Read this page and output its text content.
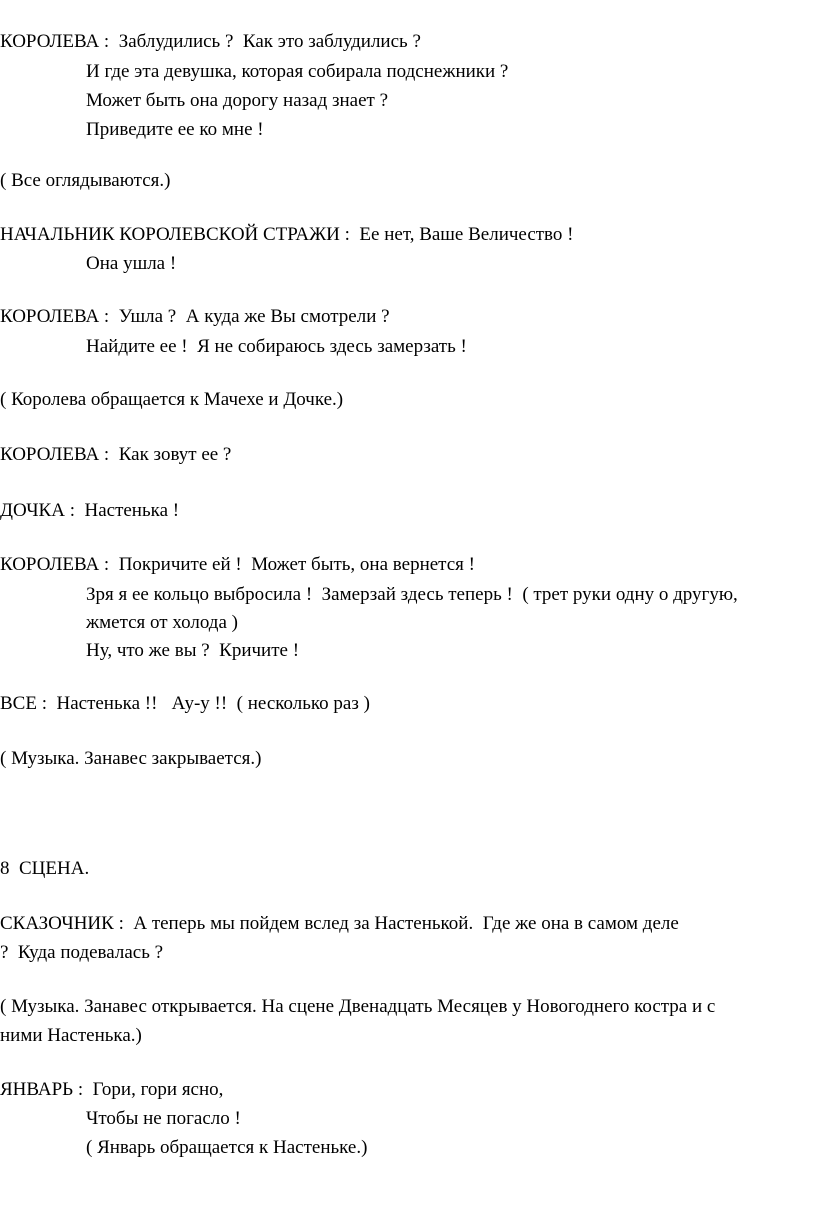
КОРОЛЕВА :  Заблудились ?  Как это заблудились ?
И где эта девушка, которая собирала подснежники ?
Может быть она дорогу назад знает ?
Приведите ее ко мне !
( Все оглядываются.)
НАЧАЛЬНИК КОРОЛЕВСКОЙ СТРАЖИ :  Ее нет, Ваше Величество !
Она ушла !
КОРОЛЕВА :  Ушла ?  А куда же Вы смотрели ?
Найдите ее !  Я не собираюсь здесь замерзать !
( Королева обращается к Мачехе и Дочке.)
КОРОЛЕВА :  Как зовут ее ?
ДОЧКА :  Настенька !
КОРОЛЕВА :  Покричите ей !  Может быть, она вернется !
Зря я ее кольцо выбросила !  Замерзай здесь теперь !  ( трет руки одну о другую,
жмется от холода )
Ну, что же вы ?  Кричите !
ВСЕ :  Настенька !!   Ау-у !!  ( несколько раз )
( Музыка. Занавес закрывается.)
8  СЦЕНА.
СКАЗОЧНИК :  А теперь мы пойдем вслед за Настенькой.  Где же она в самом деле
?  Куда подевалась ?
( Музыка. Занавес открывается. На сцене Двенадцать Месяцев у Новогоднего костра и с
ними Настенька.)
ЯНВАРЬ :  Гори, гори ясно,
Чтобы не погасло !
( Январь обращается к Настеньке.)
